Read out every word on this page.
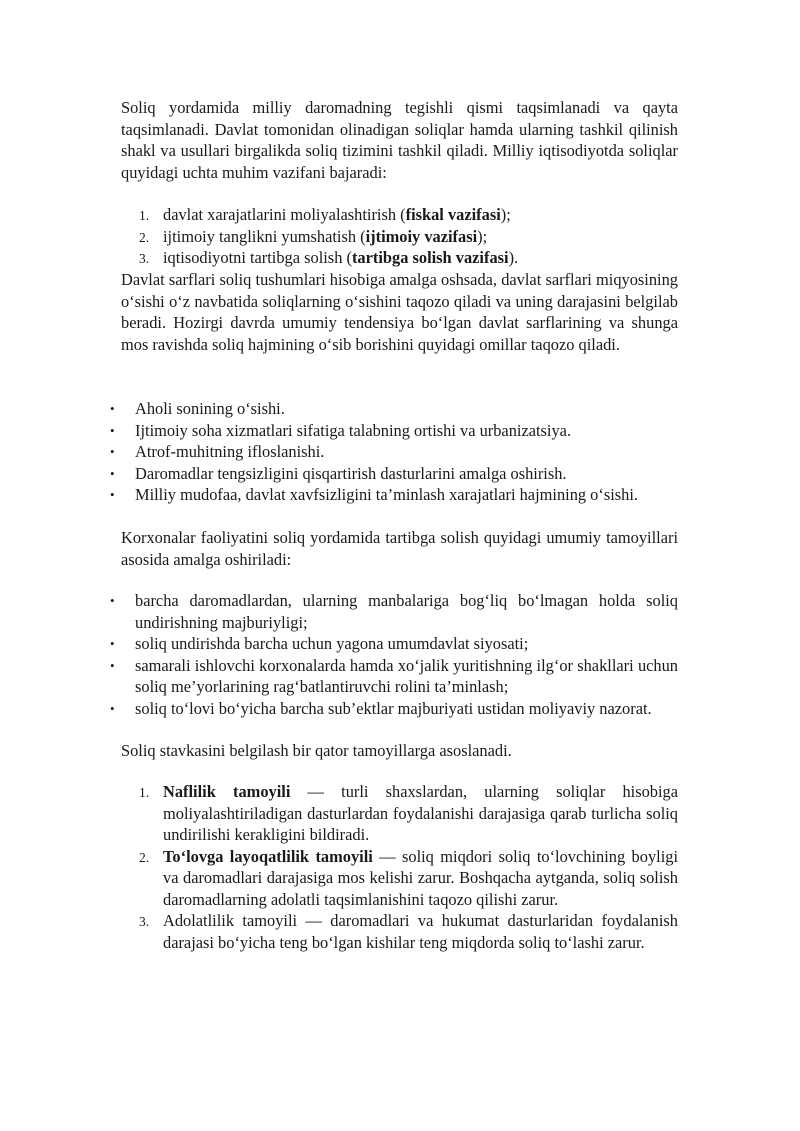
Soliq yordamida milliy daromadning tegishli qismi taqsimlanadi va qayta taqsimlanadi. Davlat tomonidan olinadigan soliqlar hamda ularning tashkil qilinish shakl va usullari birgalikda soliq tizimini tashkil qiladi. Milliy iqtisodiyotda soliqlar quyidagi uchta muhim vazifani bajaradi:

1. davlat xarajatlarini moliyalashtirish (fiskal vazifasi);
2. ijtimoiy tanglikni yumshatish (ijtimoiy vazifasi);
3. iqtisodiyotni tartibga solish (tartibga solish vazifasi).

Davlat sarflari soliq tushumlari hisobiga amalga oshsada, davlat sarflari miqyosining o‘sishi o‘z navbatida soliqlarning o‘sishini taqozo qiladi va uning darajasini belgilab beradi. Hozirgi davrda umumiy tendensiya bo‘lgan davlat sarflarining va shunga mos ravishda soliq hajmining o‘sib borishini quyidagi omillar taqozo qiladi.

• Aholi sonining o‘sishi.
• Ijtimoiy soha xizmatlari sifatiga talabning ortishi va urbanizatsiya.
• Atrof-muhitning ifloslanishi.
• Daromadlar tengsizligini qisqartirish dasturlarini amalga oshirish.
• Milliy mudofaa, davlat xavfsizligini ta’minlash xarajatlari hajmining o‘sishi.

Korxonalar faoliyatini soliq yordamida tartibga solish quyidagi umumiy tamoyillari asosida amalga oshiriladi:

• barcha daromadlardan, ularning manbalariga bog‘liq bo‘lmagan holda soliq undirishning majburiyligi;
• soliq undirishda barcha uchun yagona umumdavlat siyosati;
• samarali ishlovchi korxonalarda hamda xo‘jalik yuritishning ilg‘or shakllari uchun soliq me’yorlarining rag‘batlantiruvchi rolini ta’minlash;
• soliq to‘lovi bo‘yicha barcha sub’ektlar majburiyati ustidan moliyaviy nazorat.

Soliq stavkasini belgilash bir qator tamoyillarga asoslanadi.

1. Naflilik tamoyili — turli shaxslardan, ularning soliqlar hisobiga moliyalashtiriladigan dasturlardan foydalanishi darajasiga qarab turlicha soliq undirilishi kerakligini bildiradi.
2. To‘lovga layoqatlilik tamoyili — soliq miqdori soliq to‘lovchining boyligi va daromadlari darajasiga mos kelishi zarur. Boshqacha aytganda, soliq solish daromadlarning adolatli taqsimlanishini taqozo qilishi zarur.
3. Adolatlilik tamoyili — daromadlari va hukumat dasturlaridan foydalanish darajasi bo‘yicha teng bo‘lgan kishilar teng miqdorda soliq to‘lashi zarur.
